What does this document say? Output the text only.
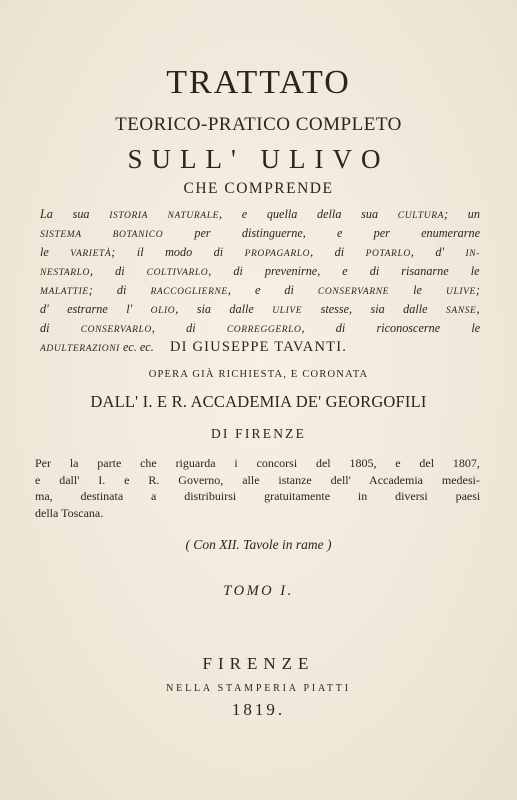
TRATTATO
TEORICO-PRATICO COMPLETO
SULL' ULIVO
CHE COMPRENDE
La sua ISTORIA NATURALE, e quella della sua CULTURA; un
SISTEMA BOTANICO per distinguerne, e per enumerarne
le VARIETÀ; il modo di PROPAGARLO, di POTARLO, d' IN-
NESTARLO, di COLTIVARLO, di prevenirne, e di risanarne le
MALATTIE; di RACCOGLIERNE, e di CONSERVARNE le ULIVE;
d' estrarne l' OLIO, sia dalle ULIVE stesse, sia dalle SANSE,
di CONSERVARLO, di CORREGGERLO, di riconoscerne le
ADULTERAZIONI ec. ec.	DI GIUSEPPE TAVANTI.
OPERA GIÀ RICHIESTA, E CORONATA
DALL' I. E R. ACCADEMIA DE' GEORGOFILI
DI FIRENZE
Per la parte che riguarda i concorsi del 1805, e del 1807,
e dall' I. e R. Governo, alle istanze dell' Accademia medesi-
ma, destinata a distribuirsi gratuitamente in diversi paesi
della Toscana.
( Con XII. Tavole in rame )
TOMO I.
FIRENZE
NELLA STAMPERIA PIATTI
1819.
